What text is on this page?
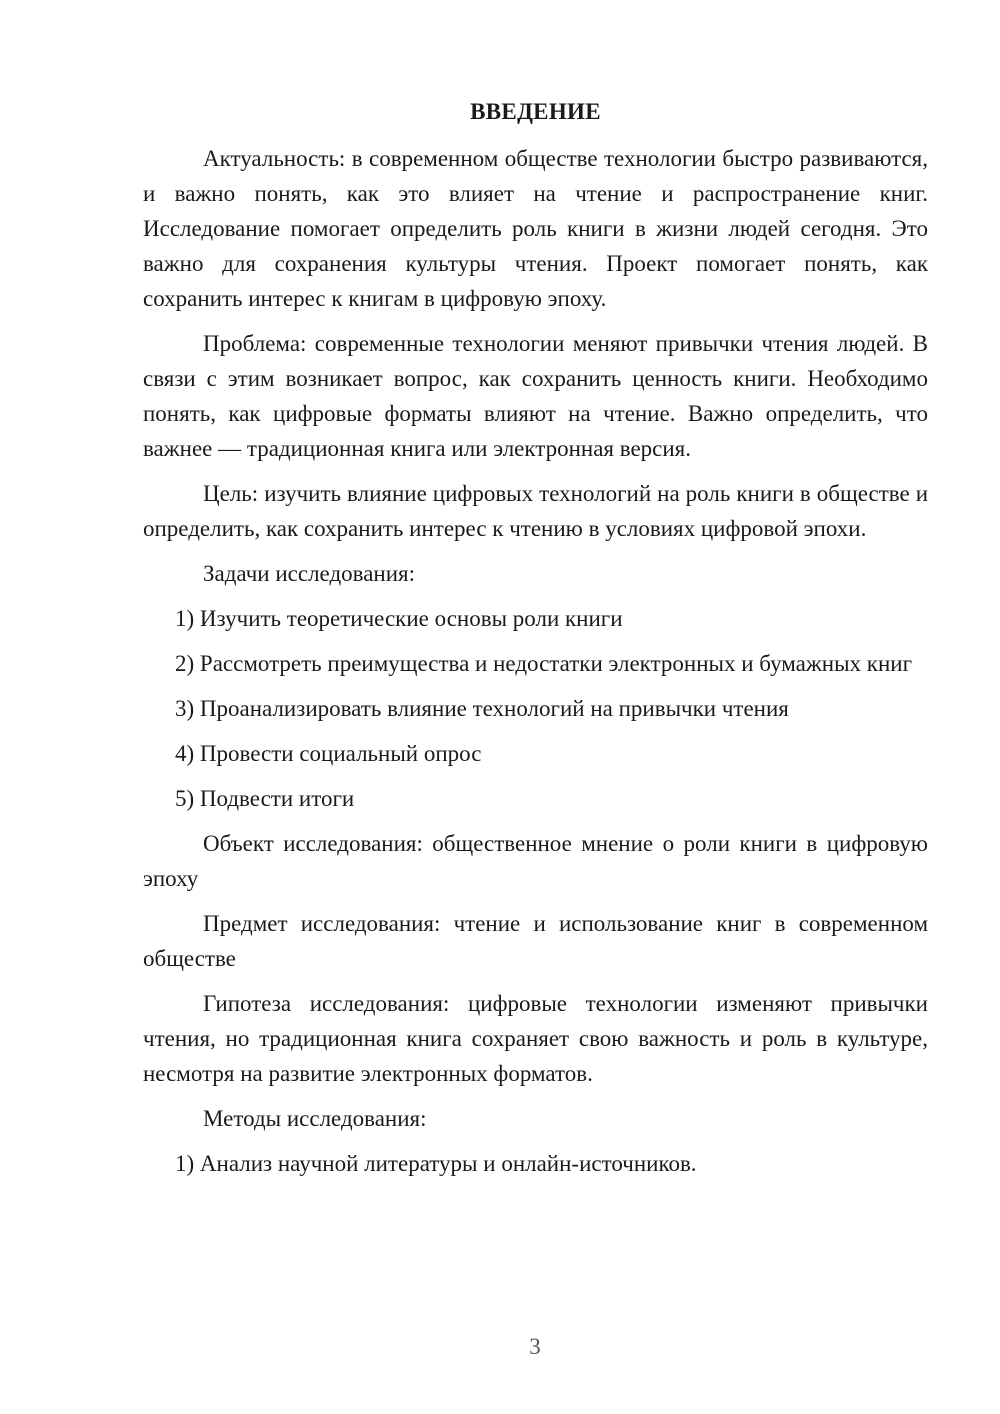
ВВЕДЕНИЕ

Актуальность: в современном обществе технологии быстро развиваются, и важно понять, как это влияет на чтение и распространение книг. Исследование помогает определить роль книги в жизни людей сегодня. Это важно для сохранения культуры чтения. Проект помогает понять, как сохранить интерес к книгам в цифровую эпоху.

Проблема: современные технологии меняют привычки чтения людей. В связи с этим возникает вопрос, как сохранить ценность книги. Необходимо понять, как цифровые форматы влияют на чтение. Важно определить, что важнее — традиционная книга или электронная версия.

Цель: изучить влияние цифровых технологий на роль книги в обществе и определить, как сохранить интерес к чтению в условиях цифровой эпохи.

Задачи исследования:

1) Изучить теоретические основы роли книги

2) Рассмотреть преимущества и недостатки электронных и бумажных книг

3) Проанализировать влияние технологий на привычки чтения

4) Провести социальный опрос

5) Подвести итоги

Объект исследования: общественное мнение о роли книги в цифровую эпоху

Предмет исследования: чтение и использование книг в современном обществе

Гипотеза исследования: цифровые технологии изменяют привычки чтения, но традиционная книга сохраняет свою важность и роль в культуре, несмотря на развитие электронных форматов.

Методы исследования:

1) Анализ научной литературы и онлайн-источников.

3
